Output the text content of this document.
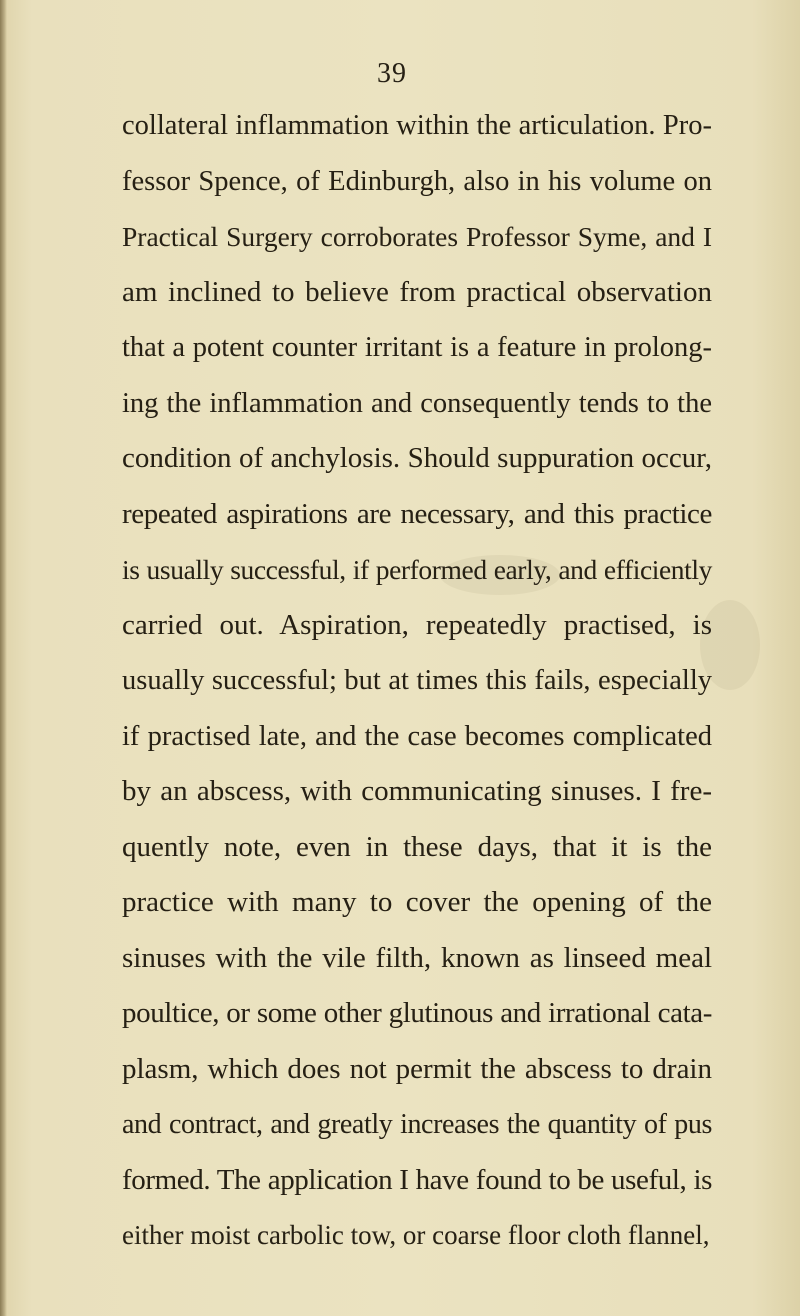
39
collateral inflammation within the articulation. Pro-
fessor Spence, of Edinburgh, also in his volume on
Practical Surgery corroborates Professor Syme, and I
am inclined to believe from practical observation
that a potent counter irritant is a feature in prolong-
ing the inflammation and consequently tends to the
condition of anchylosis. Should suppuration occur,
repeated aspirations are necessary, and this practice
is usually successful, if performed early, and efficiently
carried out. Aspiration, repeatedly practised, is
usually successful; but at times this fails, especially
if practised late, and the case becomes complicated
by an abscess, with communicating sinuses. I fre-
quently note, even in these days, that it is the
practice with many to cover the opening of the
sinuses with the vile filth, known as linseed meal
poultice, or some other glutinous and irrational cata-
plasm, which does not permit the abscess to drain
and contract, and greatly increases the quantity of pus
formed. The application I have found to be useful, is
either moist carbolic tow, or coarse floor cloth flannel,
